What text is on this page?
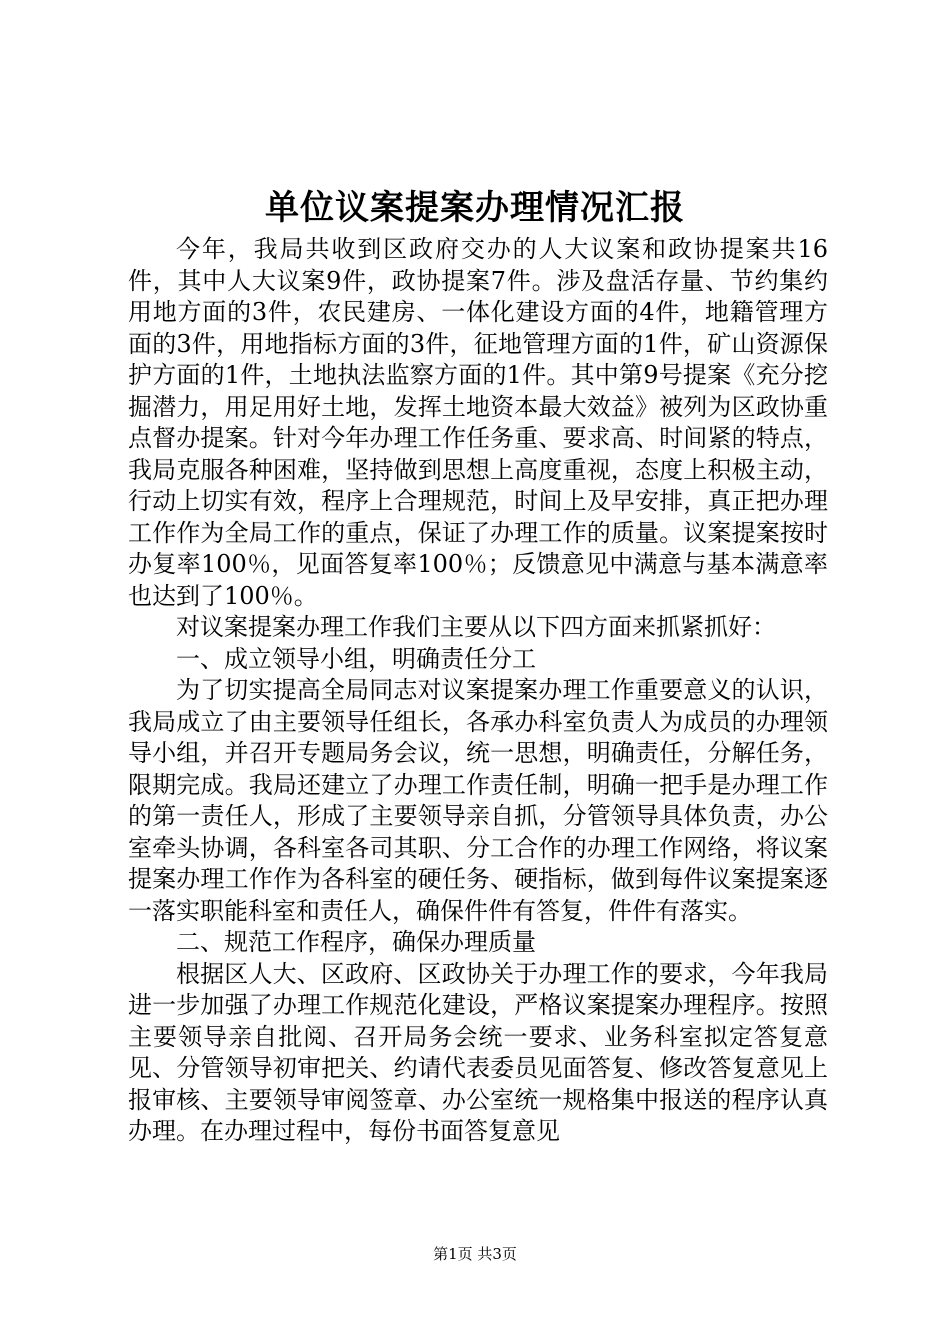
单位议案提案办理情况汇报

今年，我局共收到区政府交办的人大议案和政协提案共16件，其中人大议案9件，政协提案7件。涉及盘活存量、节约集约用地方面的3件，农民建房、一体化建设方面的4件，地籍管理方面的3件，用地指标方面的3件，征地管理方面的1件，矿山资源保护方面的1件，土地执法监察方面的1件。其中第9号提案《充分挖掘潜力，用足用好土地，发挥土地资本最大效益》被列为区政协重点督办提案。针对今年办理工作任务重、要求高、时间紧的特点，我局克服各种困难，坚持做到思想上高度重视，态度上积极主动，行动上切实有效，程序上合理规范，时间上及早安排，真正把办理工作作为全局工作的重点，保证了办理工作的质量。议案提案按时办复率100％，见面答复率100％；反馈意见中满意与基本满意率也达到了100％。

对议案提案办理工作我们主要从以下四方面来抓紧抓好：

一、成立领导小组，明确责任分工

为了切实提高全局同志对议案提案办理工作重要意义的认识，我局成立了由主要领导任组长，各承办科室负责人为成员的办理领导小组，并召开专题局务会议，统一思想，明确责任，分解任务，限期完成。我局还建立了办理工作责任制，明确一把手是办理工作的第一责任人，形成了主要领导亲自抓，分管领导具体负责，办公室牵头协调，各科室各司其职、分工合作的办理工作网络，将议案提案办理工作作为各科室的硬任务、硬指标，做到每件议案提案逐一落实职能科室和责任人，确保件件有答复，件件有落实。

二、规范工作程序，确保办理质量

根据区人大、区政府、区政协关于办理工作的要求，今年我局进一步加强了办理工作规范化建设，严格议案提案办理程序。按照主要领导亲自批阅、召开局务会统一要求、业务科室拟定答复意见、分管领导初审把关、约请代表委员见面答复、修改答复意见上报审核、主要领导审阅签章、办公室统一规格集中报送的程序认真办理。在办理过程中，每份书面答复意见

第1页 共3页
